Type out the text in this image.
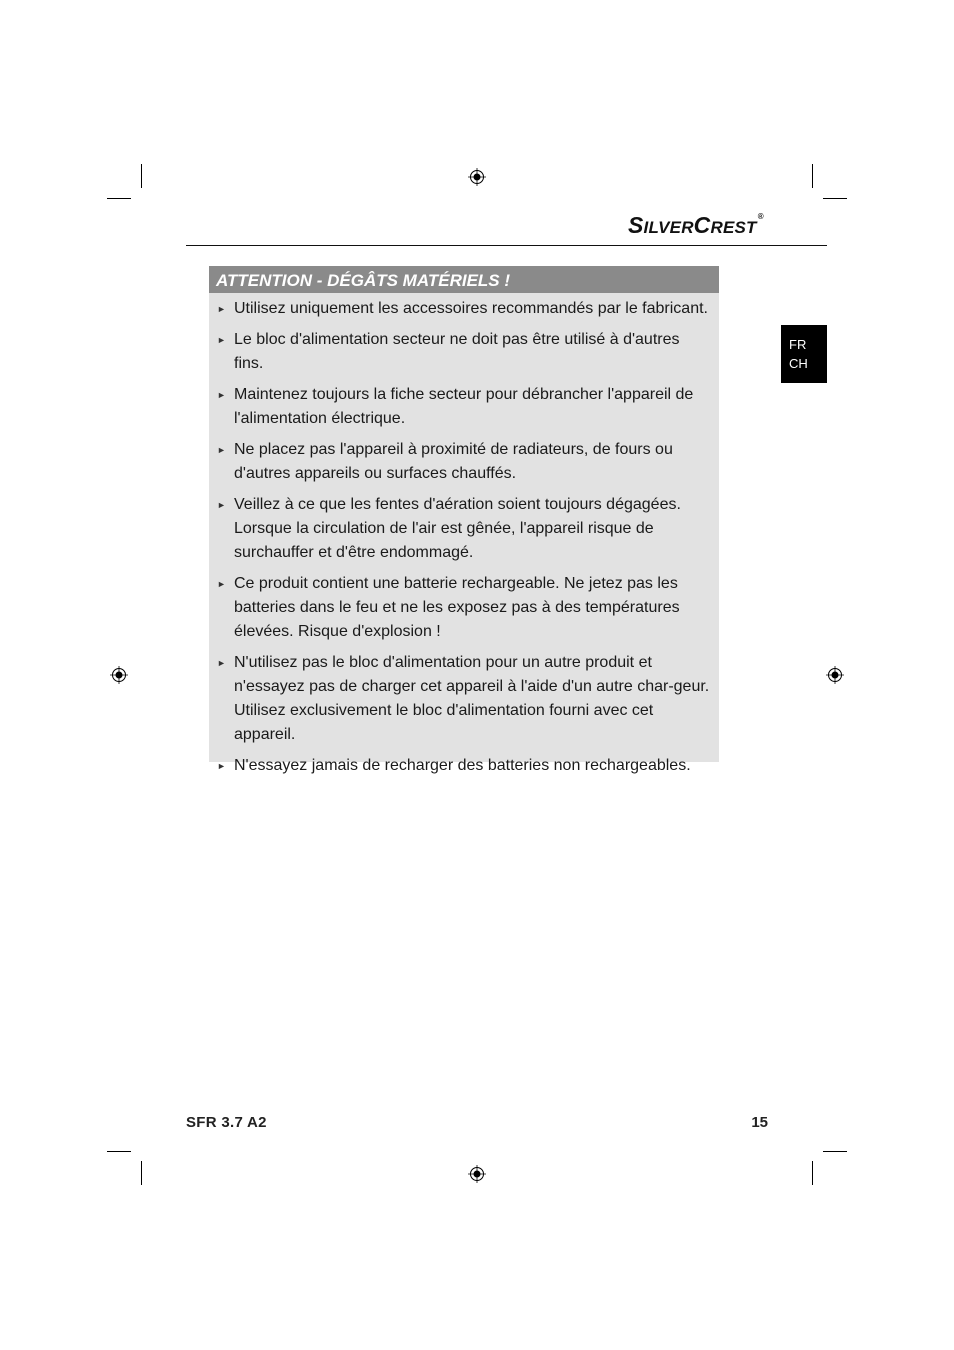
SILVERCREST®
FR
CH
ATTENTION - DÉGÂTS MATÉRIELS !
► Utilisez uniquement les accessoires recommandés par le fabricant.
► Le bloc d'alimentation secteur ne doit pas être utilisé à d'autres fins.
► Maintenez toujours la fiche secteur pour débrancher l'appareil de l'alimentation électrique.
► Ne placez pas l'appareil à proximité de radiateurs, de fours ou d'autres appareils ou surfaces chauffés.
► Veillez à ce que les fentes d'aération soient toujours dégagées. Lorsque la circulation de l'air est gênée, l'appareil risque de surchauffer et d'être endommagé.
► Ce produit contient une batterie rechargeable. Ne jetez pas les batteries dans le feu et ne les exposez pas à des températures élevées. Risque d'explosion !
► N'utilisez pas le bloc d'alimentation pour un autre produit et n'essayez pas de charger cet appareil à l'aide d'un autre char-geur. Utilisez exclusivement le bloc d'alimentation fourni avec cet appareil.
► N'essayez jamais de recharger des batteries non rechargeables.
SFR 3.7 A2	15
